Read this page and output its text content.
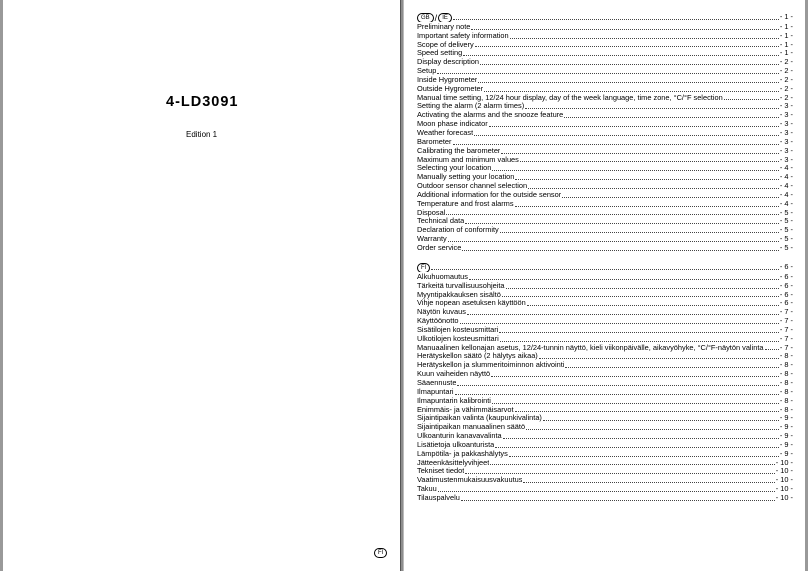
4-LD3091
Edition 1
FI
GB / IE	- 1 -
Preliminary note	- 1 -
Important safety information	- 1 -
Scope of delivery	- 1 -
Speed setting	- 1 -
Display description	- 2 -
Setup	- 2 -
Inside Hygrometer	- 2 -
Outside Hygrometer	- 2 -
Manual time setting, 12/24 hour display, day of the week language, time zone, °C/°F selection	- 2 -
Setting the alarm (2 alarm times)	- 3 -
Activating the alarms and the snooze feature	- 3 -
Moon phase indicator	- 3 -
Weather forecast	- 3 -
Barometer	- 3 -
Calibrating the barometer	- 3 -
Maximum and minimum values	- 3 -
Selecting your location	- 4 -
Manually setting your location	- 4 -
Outdoor sensor channel selection	- 4 -
Additional information for the outside sensor	- 4 -
Temperature and frost alarms	- 4 -
Disposal	- 5 -
Technical data	- 5 -
Declaration of conformity	- 5 -
Warranty	- 5 -
Order service	- 5 -
FI	- 6 -
Alkuhuomautus	- 6 -
Tärkeitä turvallisuusohjeita	- 6 -
Myyntipakkauksen sisältö	- 6 -
Vihje nopean asetuksen käyttöön	- 6 -
Näytön kuvaus	- 7 -
Käyttöönotto	- 7 -
Sisätilojen kosteusmittari	- 7 -
Ulkotilojen kosteusmittari	- 7 -
Manuaalinen kellonajan asetus, 12/24-tunnin näyttö, kieli viikonpäivälle, aikavyöhyke, °C/°F-näytön valinta - 7 -
Herätyskellon säätö (2 hälytys aikaa)	- 8 -
Herätyskellon ja slummeritoiminnon aktivointi	- 8 -
Kuun vaiheiden näyttö	- 8 -
Säaennuste	- 8 -
Ilmapuntari	- 8 -
Ilmapuntarin kalibrointi	- 8 -
Enimmäis- ja vähimmäisarvot	- 8 -
Sijaintipaikan valinta (kaupunkivalinta)	- 9 -
Sijaintipaikan manuaalinen säätö	- 9 -
Ulkoanturin kanavavalinta	- 9 -
Lisätietoja ulkoanturista	- 9 -
Lämpötila- ja pakkashälytys	- 9 -
Jätteenkäsittelyvihjeet	- 10 -
Tekniset tiedot	- 10 -
Vaatimustenmukaisuusvakuutus	- 10 -
Takuu	- 10 -
Tilauspalvelu	- 10 -
